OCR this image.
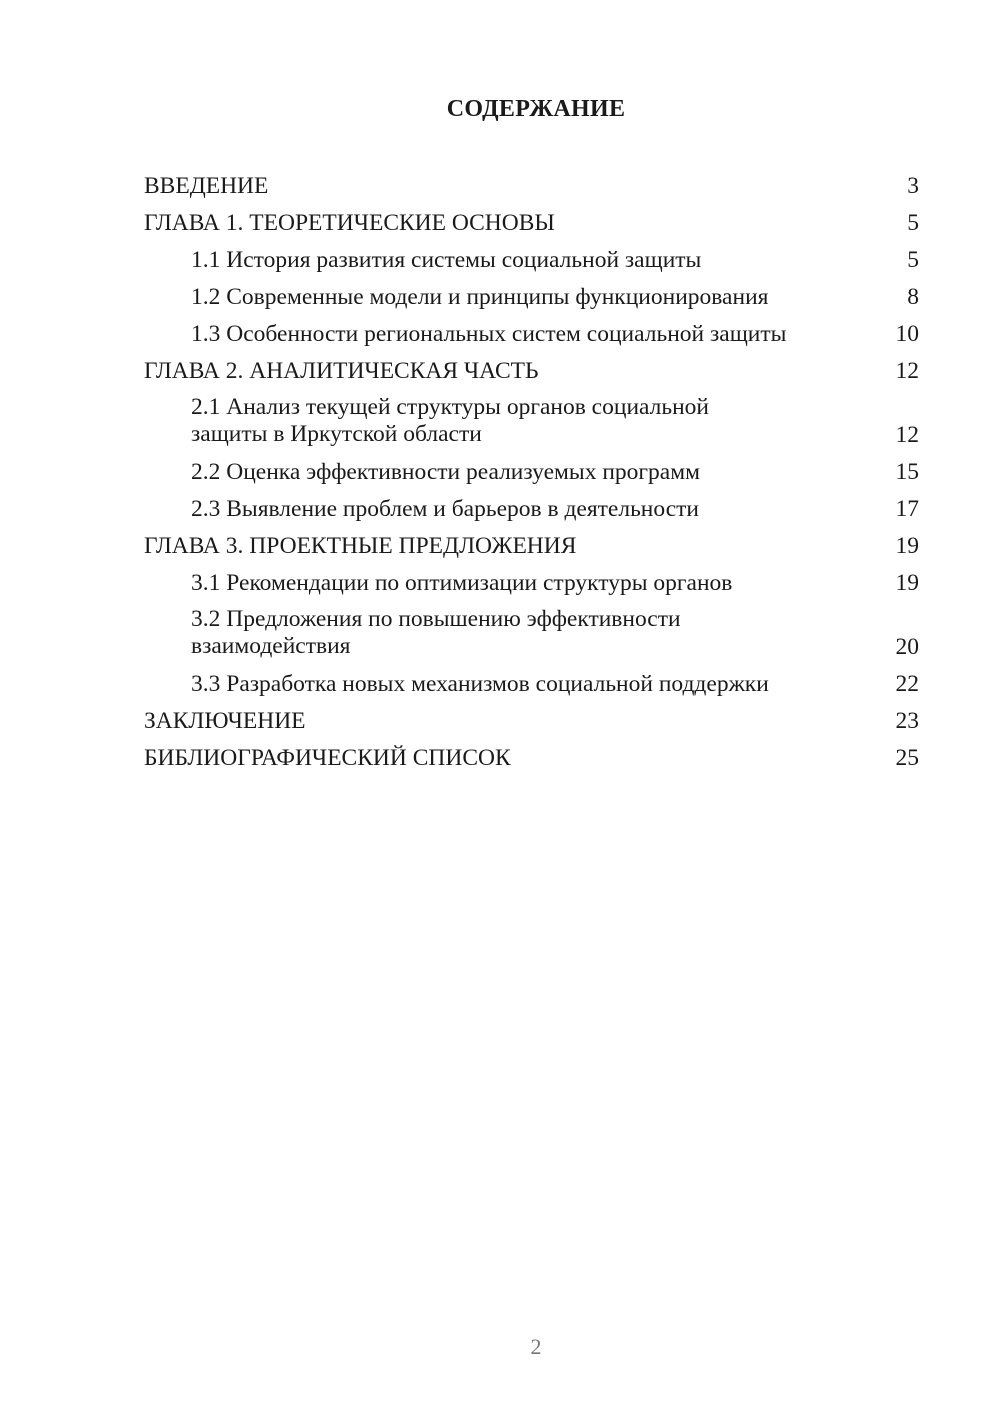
СОДЕРЖАНИЕ
ВВЕДЕНИЕ	3
ГЛАВА 1. ТЕОРЕТИЧЕСКИЕ ОСНОВЫ	5
1.1 История развития системы социальной защиты	5
1.2 Современные модели и принципы функционирования	8
1.3 Особенности региональных систем социальной защиты	10
ГЛАВА 2. АНАЛИТИЧЕСКАЯ ЧАСТЬ	12
2.1 Анализ текущей структуры органов социальной защиты в Иркутской области	12
2.2 Оценка эффективности реализуемых программ	15
2.3 Выявление проблем и барьеров в деятельности	17
ГЛАВА 3. ПРОЕКТНЫЕ ПРЕДЛОЖЕНИЯ	19
3.1 Рекомендации по оптимизации структуры органов	19
3.2 Предложения по повышению эффективности взаимодействия	20
3.3 Разработка новых механизмов социальной поддержки	22
ЗАКЛЮЧЕНИЕ	23
БИБЛИОГРАФИЧЕСКИЙ СПИСОК	25
2
